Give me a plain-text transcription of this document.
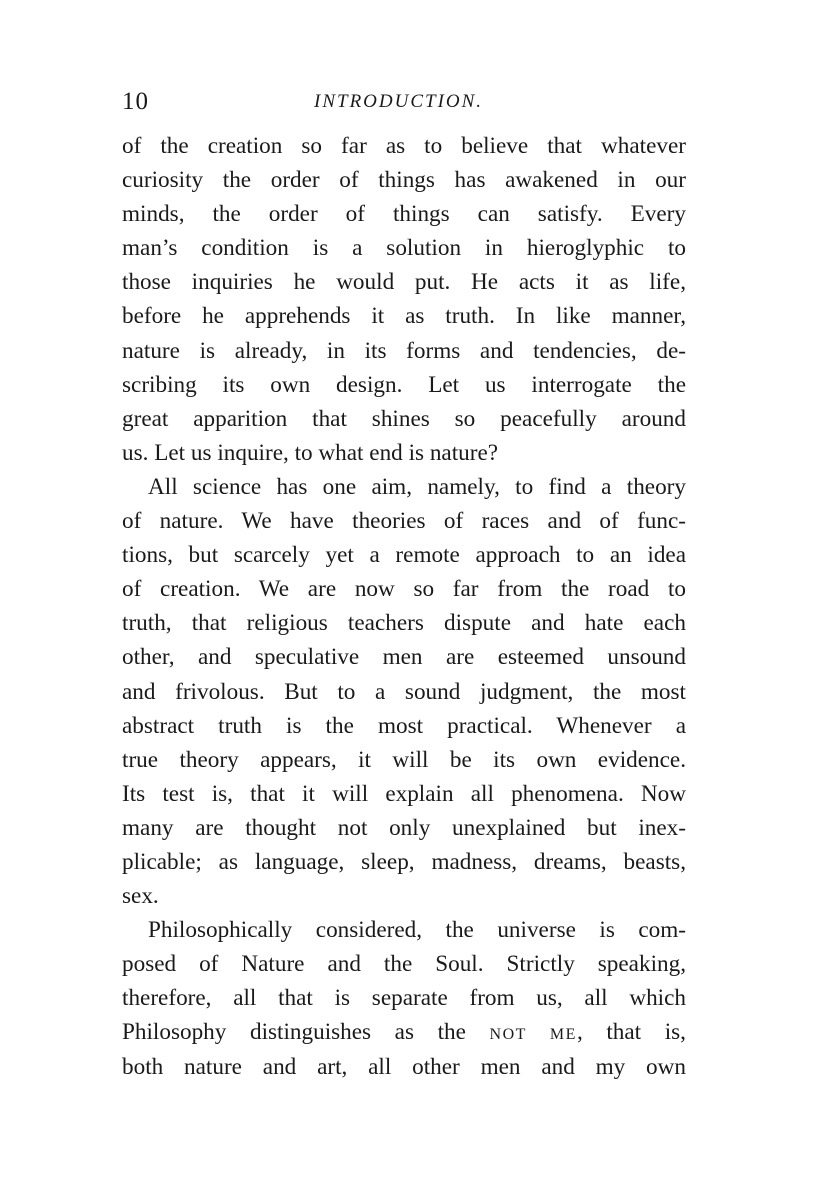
10	INTRODUCTION.
of the creation so far as to believe that whatever
curiosity the order of things has awakened in our
minds, the order of things can satisfy. Every
man’s condition is a solution in hieroglyphic to
those inquiries he would put. He acts it as life,
before he apprehends it as truth. In like manner,
nature is already, in its forms and tendencies, de-
scribing its own design. Let us interrogate the
great apparition that shines so peacefully around
us. Let us inquire, to what end is nature?
All science has one aim, namely, to find a theory
of nature. We have theories of races and of func-
tions, but scarcely yet a remote approach to an idea
of creation. We are now so far from the road to
truth, that religious teachers dispute and hate each
other, and speculative men are esteemed unsound
and frivolous. But to a sound judgment, the most
abstract truth is the most practical. Whenever a
true theory appears, it will be its own evidence.
Its test is, that it will explain all phenomena. Now
many are thought not only unexplained but inex-
plicable; as language, sleep, madness, dreams, beasts,
sex.
Philosophically considered, the universe is com-
posed of Nature and the Soul. Strictly speaking,
therefore, all that is separate from us, all which
Philosophy distinguishes as the NOT ME, that is,
both nature and art, all other men and my own
